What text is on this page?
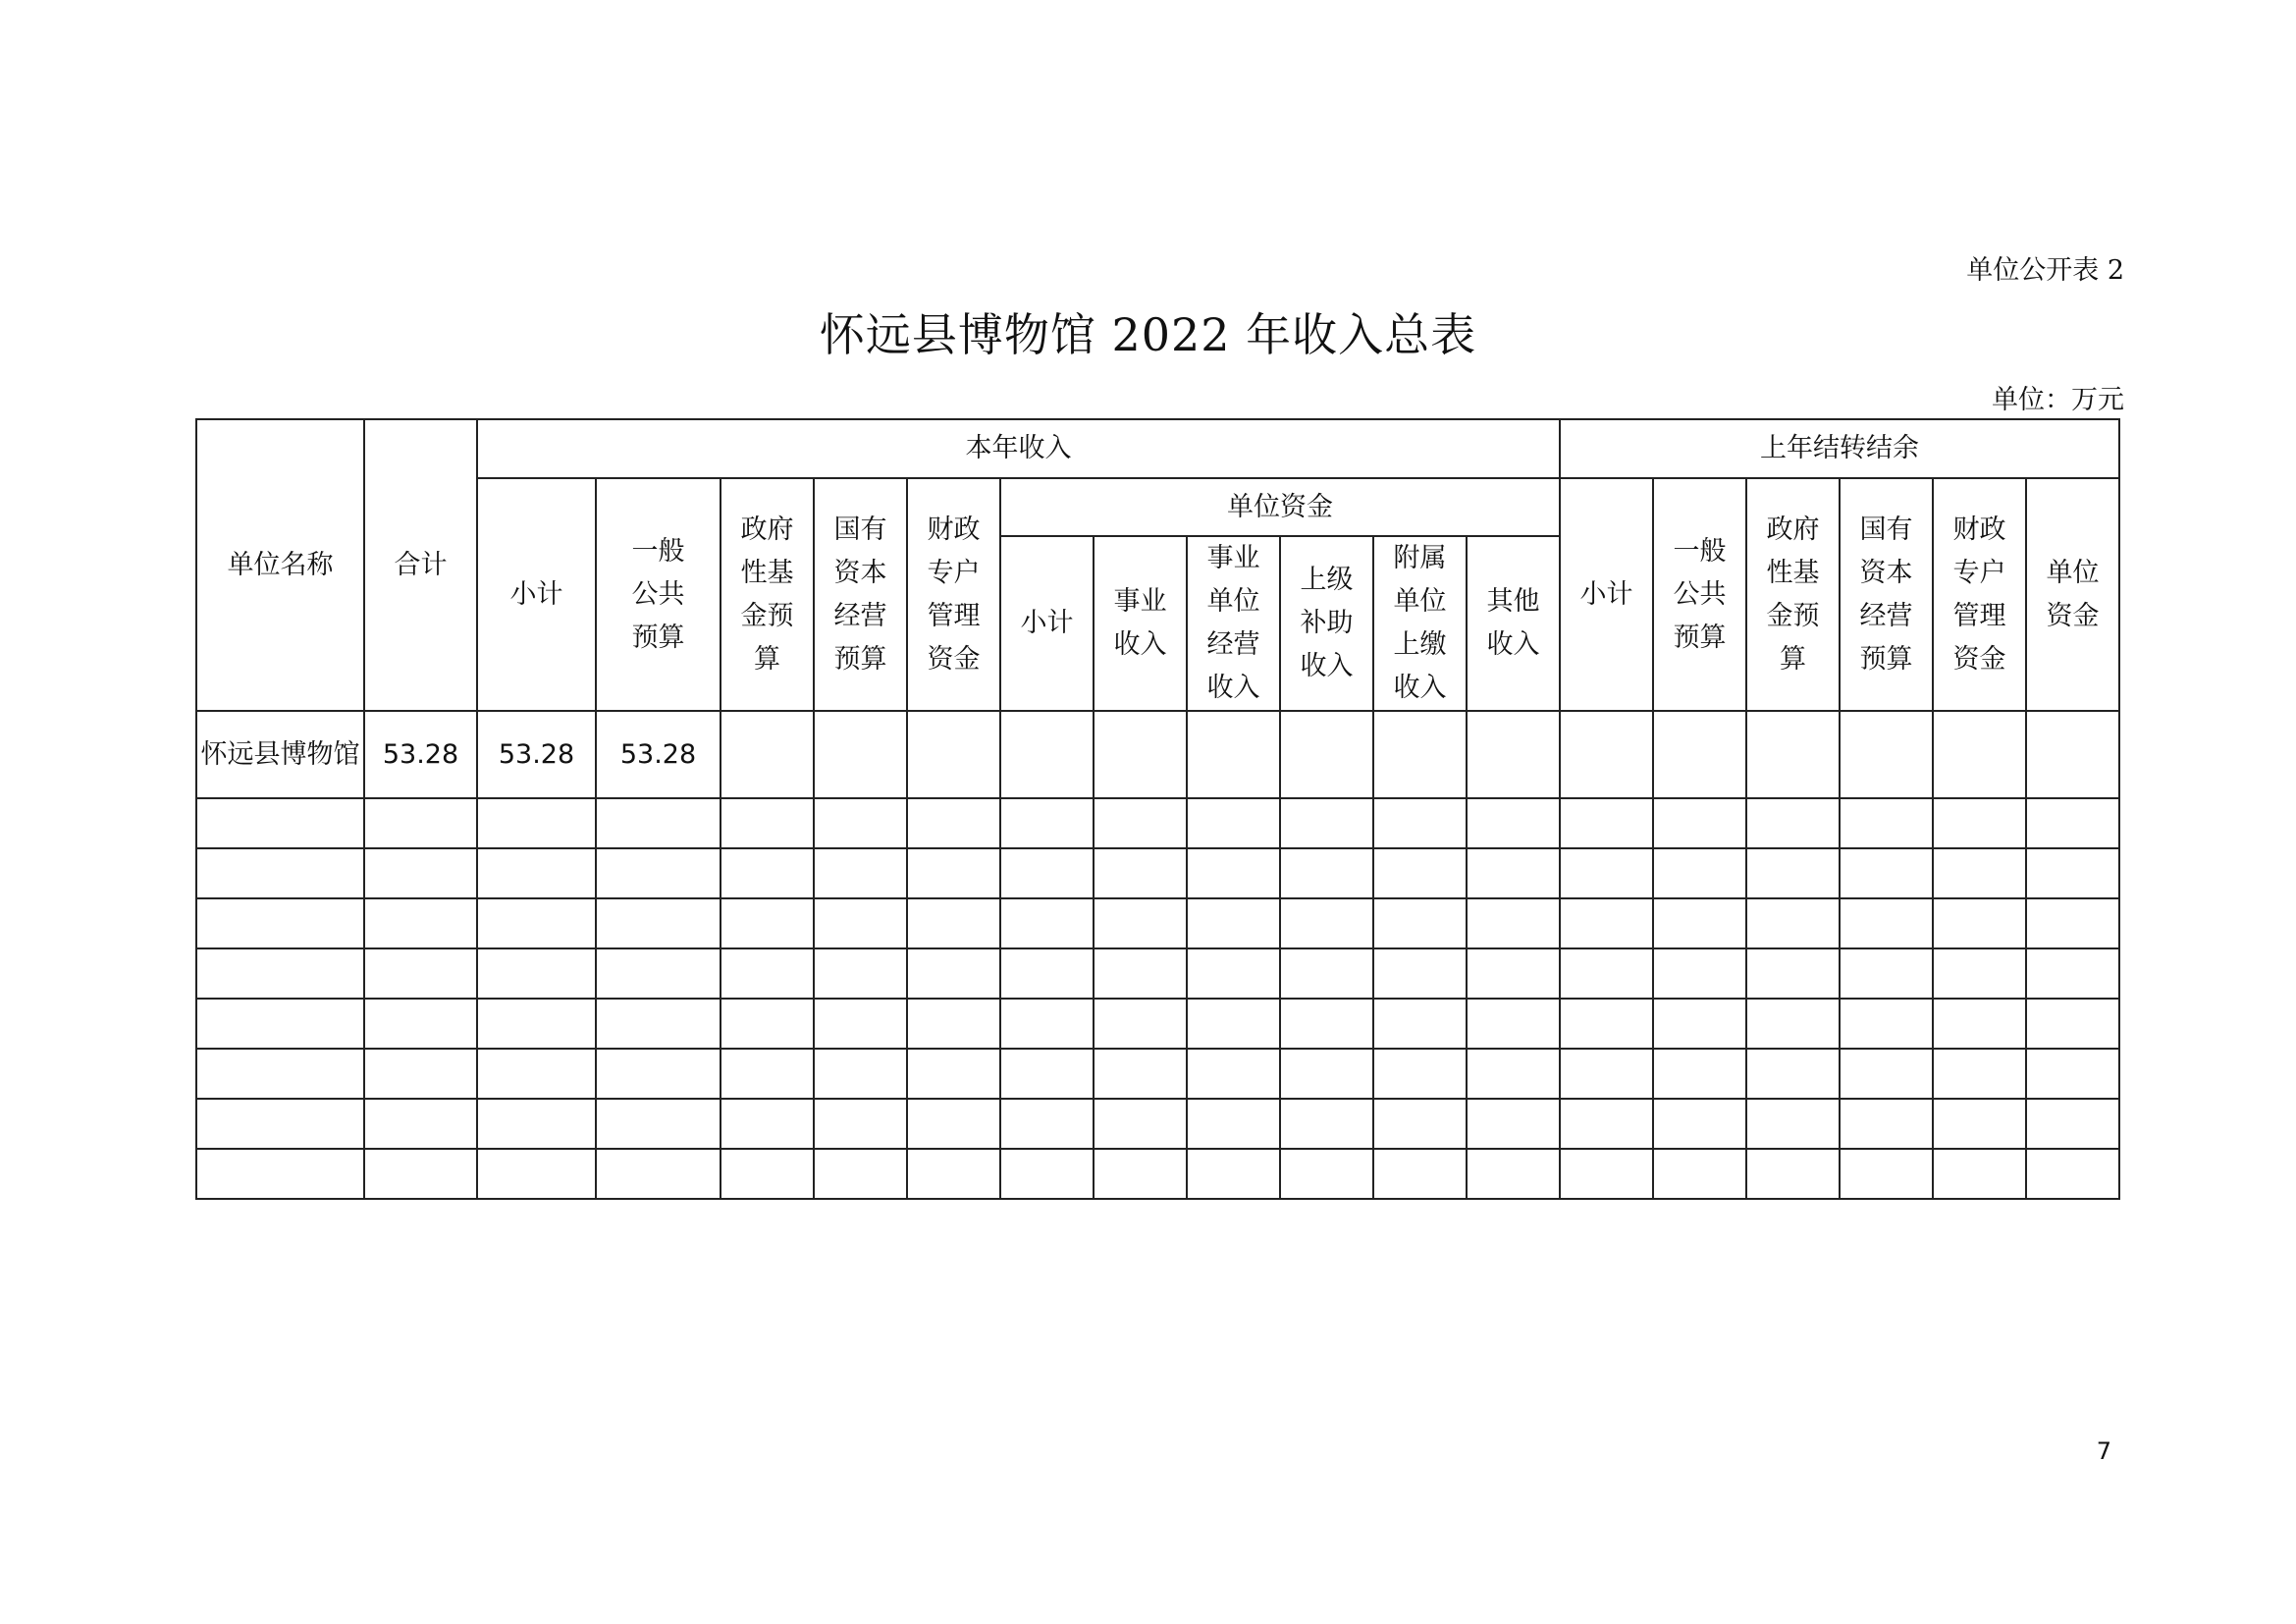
单位公开表 2
怀远县博物馆 2022 年收入总表
单位：万元
单位名称	合计	本年收入											上年结转结余					
		小计	一般公共预算	政府性基金预算	国有资本经营预算	财政专户管理资金	单位资金						小计	一般公共预算	政府性基金预算	国有资本经营预算	财政专户管理资金	单位资金
							小计	事业收入	事业单位经营收入	上级补助收入	附属单位上缴收入	其他收入						
怀远县博物馆	53.28	53.28	53.28															

7
